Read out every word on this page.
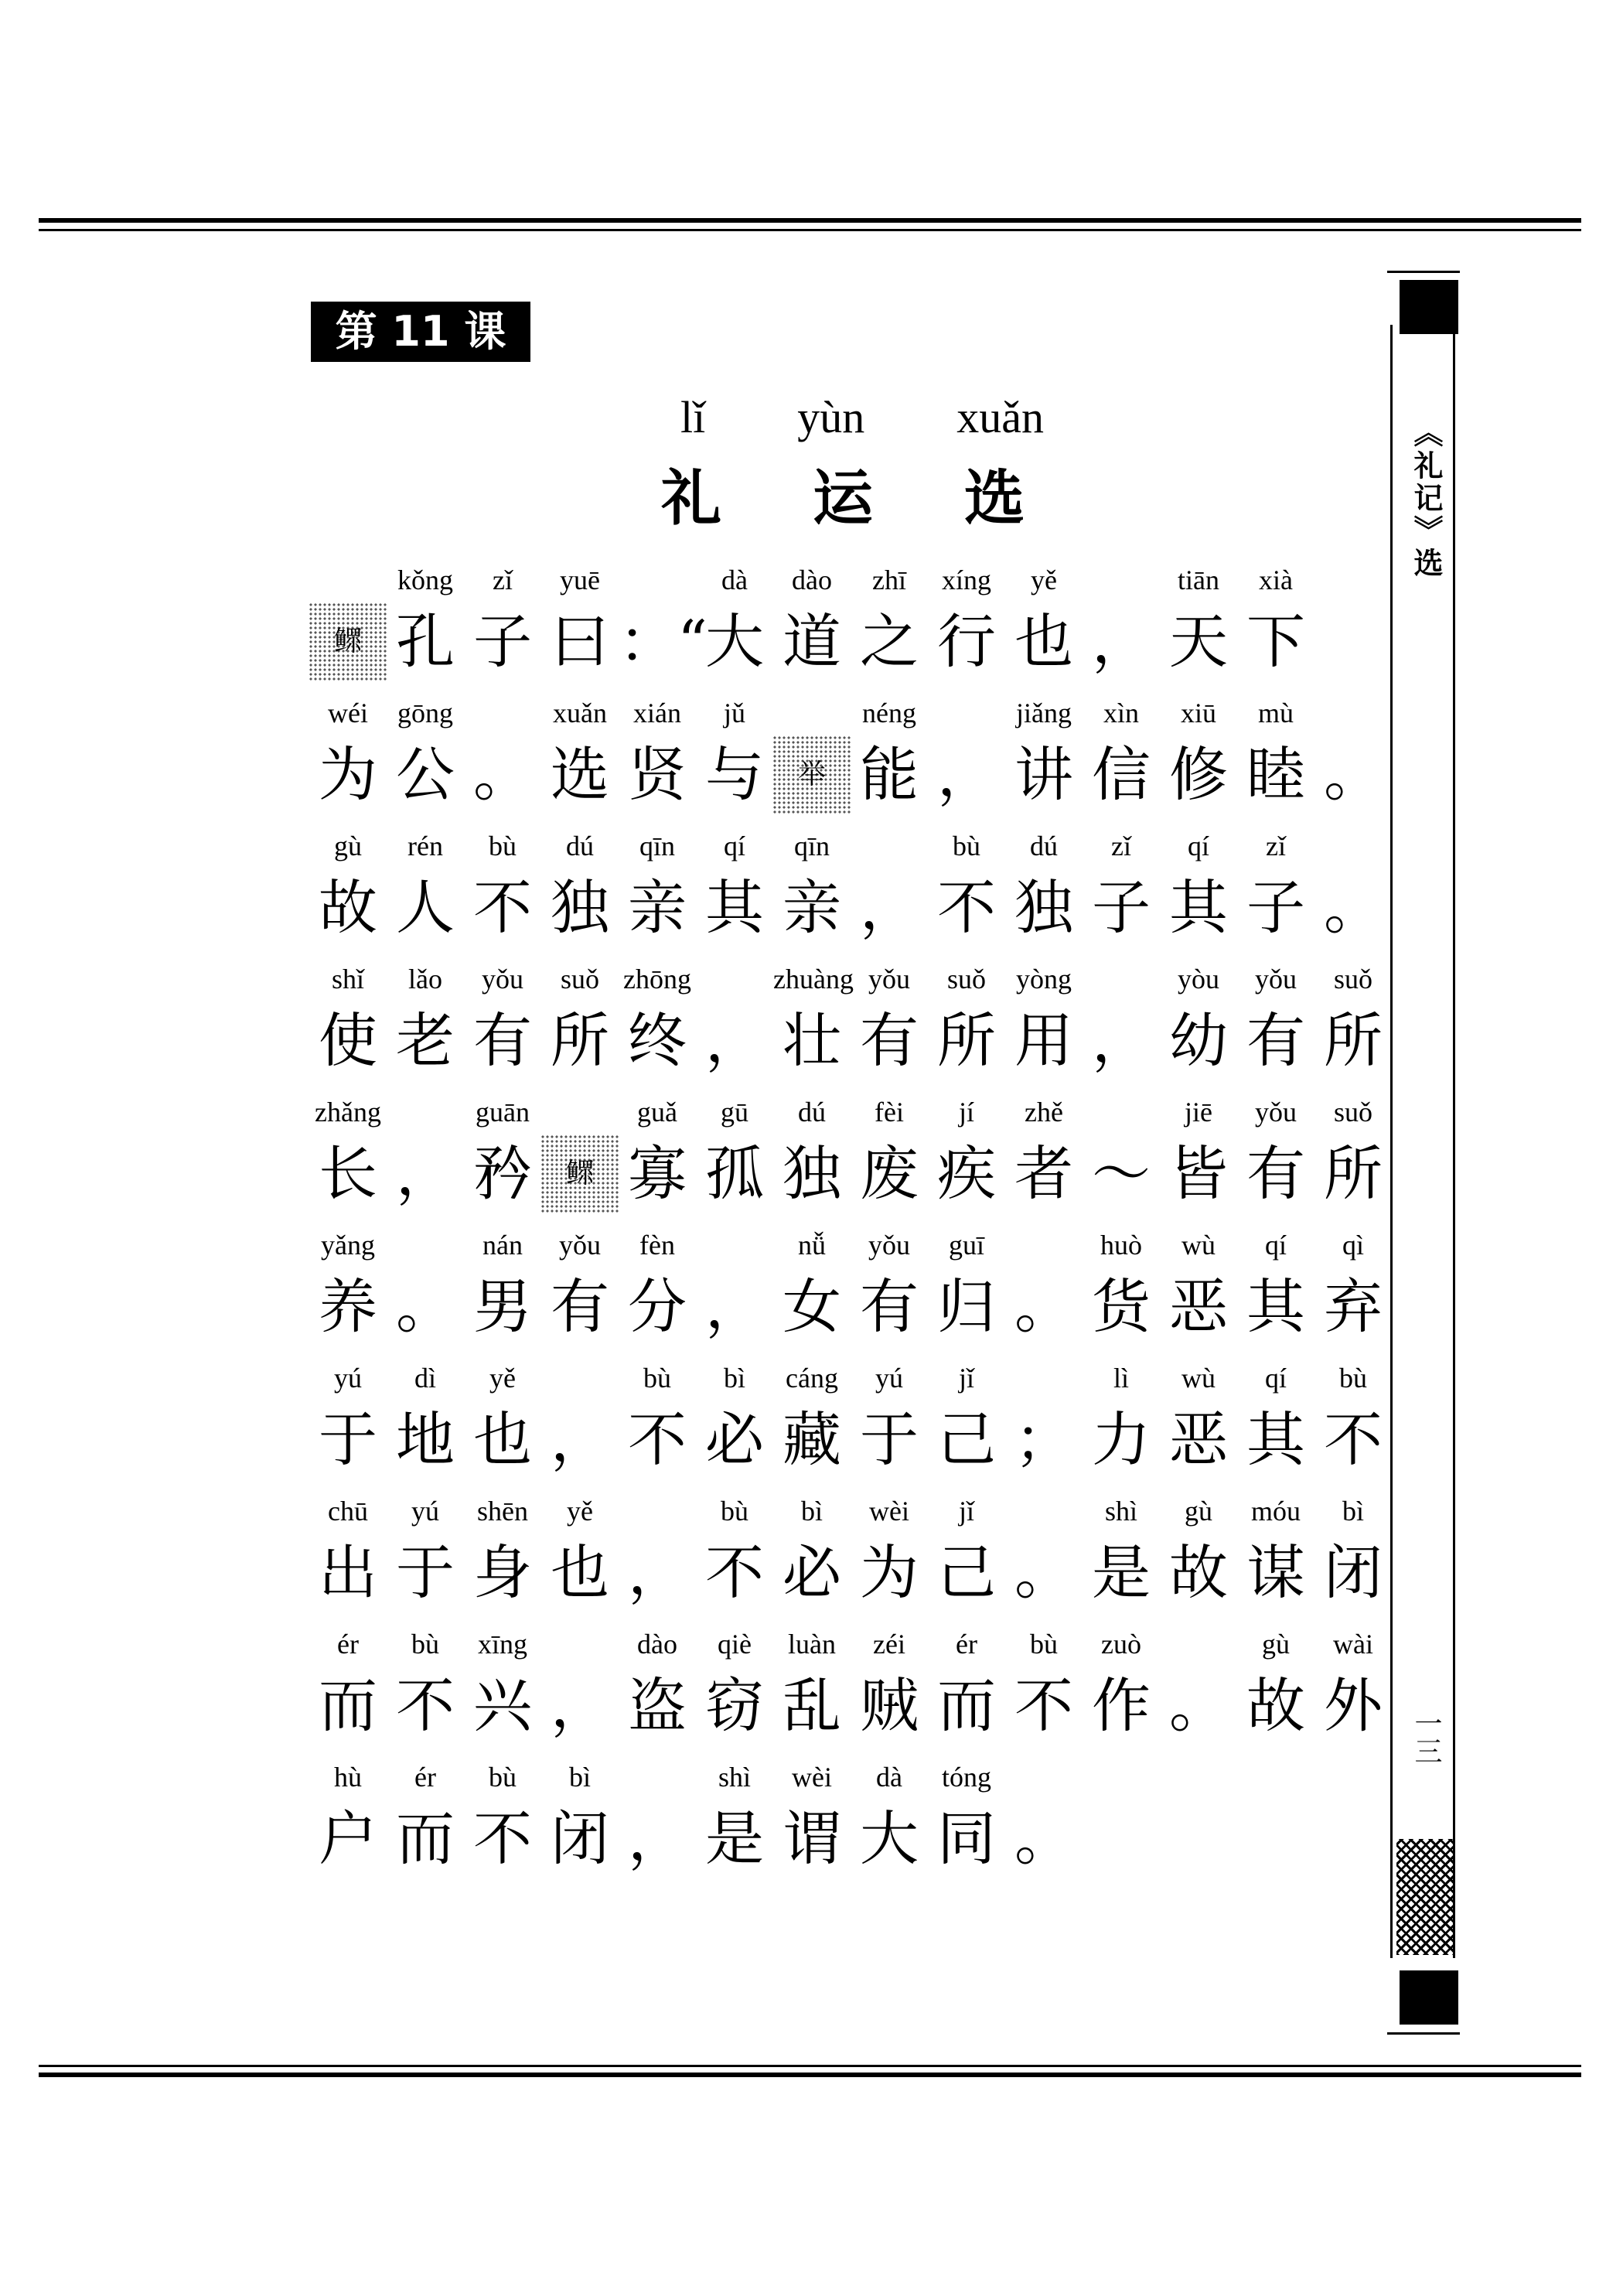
第 11 课
lǐ yùn xuǎn
礼 运 选
鳏
kǒng
孔
zǐ
子
yuē
曰 ：“
dà
大
dào
道
zhī
之
xíng
行
yě
也 ，
tiān
天
xià
下
wéi
为
gōng
公 。
xuǎn
选
xián
贤
jǔ
与	举
néng
能 ，
jiǎng
讲
xìn
信
xiū
修
mù
睦 。
gù
故
rén
人
bù
不
dú
独
qīn
亲
qí
其
qīn
亲 ，
bù
不
dú
独
zǐ
子
qí
其
zǐ
子 。
shǐ
使
lǎo
老
yǒu
有
suǒ
所
zhōng
终 ，
zhuàng
壮
yǒu
有
suǒ
所
yòng
用 ，
yòu
幼
yǒu
有
suǒ
所
zhǎng
长 ，
guān
矜	鳏
guǎ
寡
gū
孤
dú
独
fèi
废
jí
疾
zhě
者 ～
jiē
皆
yǒu
有
suǒ
所
yǎng
养 。
nán
男
yǒu
有
fèn
分 ，
nǚ
女
yǒu
有
guī
归 。
huò
货
wù
恶
qí
其
qì
弃
yú
于
dì
地
yě
也 ，
bù
不
bì
必
cáng
藏
yú
于
jǐ
己 ；
lì
力
wù
恶
qí
其
bù
不
chū
出
yú
于
shēn
身
yě
也 ，
bù
不
bì
必
wèi
为
jǐ
己 。
shì
是
gù
故
móu
谋
bì
闭
ér
而
bù
不
xīng
兴 ，
dào
盗
qiè
窃
luàn
乱
zéi
贼
ér
而
bù
不
zuò
作 。
gù
故
wài
外
hù
户
ér
而
bù
不
bì
闭 ，
shì
是
wèi
谓
dà
大
tóng
同 。
《礼记》选
一三
